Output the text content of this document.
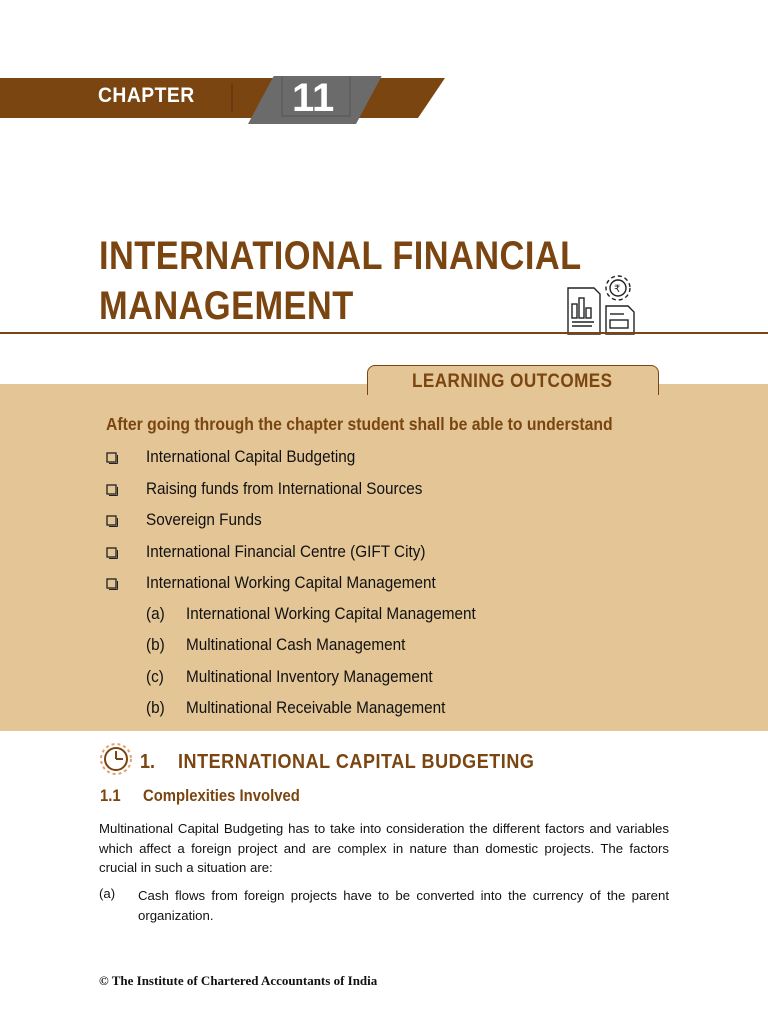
CHAPTER 11
INTERNATIONAL FINANCIAL
MANAGEMENT	₹
LEARNING OUTCOMES
After going through the chapter student shall be able to understand
International Capital Budgeting
Raising funds from International Sources
Sovereign Funds
International Financial Centre (GIFT City)
International Working Capital Management
(a) International Working Capital Management
(b) Multinational Cash Management
(c) Multinational Inventory Management
(b) Multinational Receivable Management
1. INTERNATIONAL CAPITAL BUDGETING
1.1 Complexities Involved
Multinational Capital Budgeting has to take into consideration the different factors and variables which affect a foreign project and are complex in nature than domestic projects. The factors crucial in such a situation are:
(a) Cash flows from foreign projects have to be converted into the currency of the parent organization.
© The Institute of Chartered Accountants of India
